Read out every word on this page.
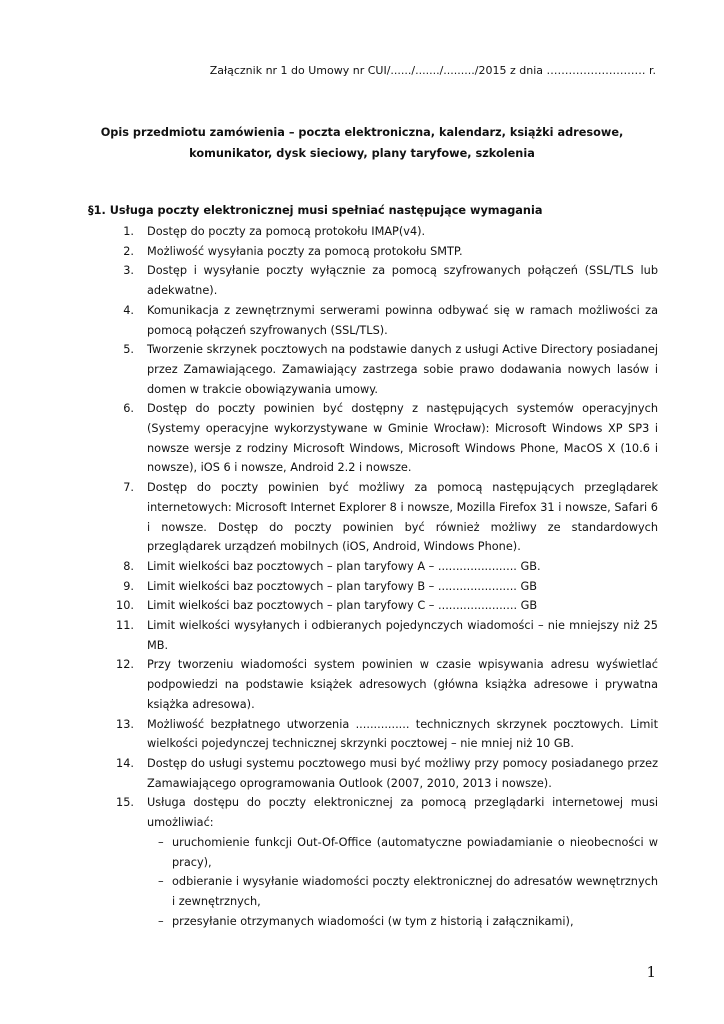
Załącznik nr 1 do Umowy nr CUI/....../......./........./2015 z dnia ……………………… r.
Opis przedmiotu zamówienia – poczta elektroniczna, kalendarz, książki adresowe,
komunikator, dysk sieciowy, plany taryfowe, szkolenia
§1. Usługa poczty elektronicznej musi spełniać następujące wymagania
1.	Dostęp do poczty za pomocą protokołu IMAP(v4).
2.	Możliwość wysyłania poczty za pomocą protokołu SMTP.
3.	Dostęp i wysyłanie poczty wyłącznie za pomocą szyfrowanych połączeń (SSL/TLS lub adekwatne).
4.	Komunikacja z zewnętrznymi serwerami powinna odbywać się w ramach możliwości za pomocą połączeń szyfrowanych (SSL/TLS).
5.	Tworzenie skrzynek pocztowych na podstawie danych z usługi Active Directory posiadanej przez Zamawiającego. Zamawiający zastrzega sobie prawo dodawania nowych lasów i domen w trakcie obowiązywania umowy.
6.	Dostęp do poczty powinien być dostępny z następujących systemów operacyjnych (Systemy operacyjne wykorzystywane w Gminie Wrocław): Microsoft Windows XP SP3 i nowsze wersje z rodziny Microsoft Windows, Microsoft Windows Phone, MacOS X (10.6 i nowsze), iOS 6 i nowsze, Android 2.2 i nowsze.
7.	Dostęp do poczty powinien być możliwy za pomocą następujących przeglądarek internetowych: Microsoft Internet Explorer 8 i nowsze, Mozilla Firefox 31 i nowsze, Safari 6 i nowsze. Dostęp do poczty powinien być również możliwy ze standardowych przeglądarek urządzeń mobilnych (iOS, Android, Windows Phone).
8.	Limit wielkości baz pocztowych – plan taryfowy A – ...................... GB.
9.	Limit wielkości baz pocztowych – plan taryfowy B – ...................... GB
10.	Limit wielkości baz pocztowych – plan taryfowy C – ...................... GB
11.	Limit wielkości wysyłanych i odbieranych pojedynczych wiadomości – nie mniejszy niż 25 MB.
12.	Przy tworzeniu wiadomości system powinien w czasie wpisywania adresu wyświetlać podpowiedzi na podstawie książek adresowych (główna książka adresowe i prywatna książka adresowa).
13.	Możliwość bezpłatnego utworzenia ............... technicznych skrzynek pocztowych. Limit wielkości pojedynczej technicznej skrzynki pocztowej – nie mniej niż 10 GB.
14.	Dostęp do usługi systemu pocztowego musi być możliwy przy pomocy posiadanego przez Zamawiającego oprogramowania Outlook (2007, 2010, 2013 i nowsze).
15.	Usługa dostępu do poczty elektronicznej za pomocą przeglądarki internetowej musi umożliwiać:
– uruchomienie funkcji Out-Of-Office (automatyczne powiadamianie o nieobecności w pracy),
– odbieranie i wysyłanie wiadomości poczty elektronicznej do adresatów wewnętrznych i zewnętrznych,
– przesyłanie otrzymanych wiadomości (w tym z historią i załącznikami),
1
